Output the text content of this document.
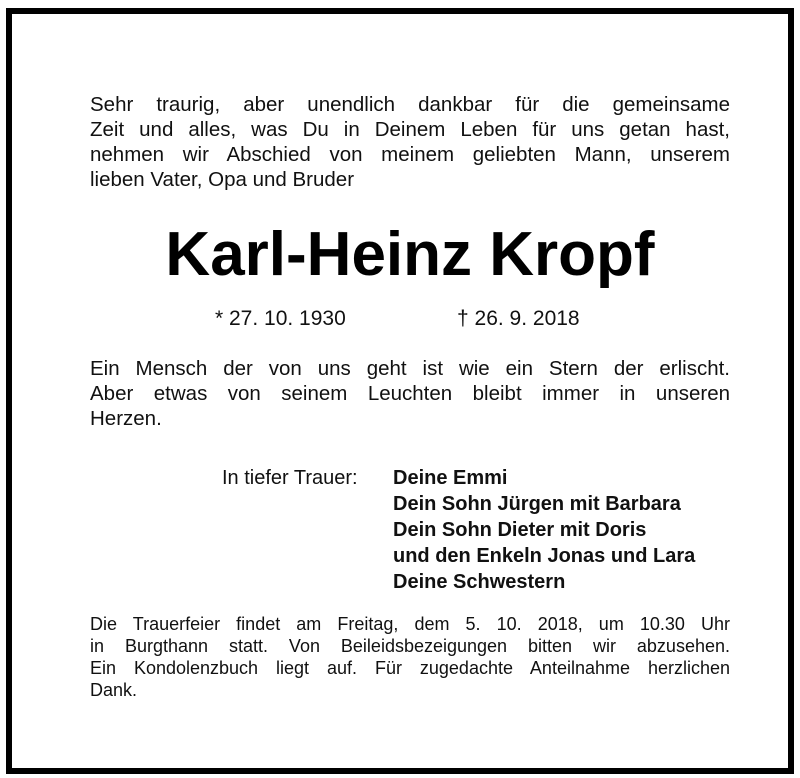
Sehr traurig, aber unendlich dankbar für die gemeinsame
Zeit und alles, was Du in Deinem Leben für uns getan hast,
nehmen wir Abschied von meinem geliebten Mann, unserem
lieben Vater, Opa und Bruder

Karl-Heinz Kropf
* 27. 10. 1930	† 26. 9. 2018

Ein Mensch der von uns geht ist wie ein Stern der erlischt.
Aber etwas von seinem Leuchten bleibt immer in unseren
Herzen.

In tiefer Trauer: Deine Emmi
Dein Sohn Jürgen mit Barbara
Dein Sohn Dieter mit Doris
und den Enkeln Jonas und Lara
Deine Schwestern

Die Trauerfeier findet am Freitag, dem 5. 10. 2018, um 10.30 Uhr
in Burgthann statt. Von Beileidsbezeigungen bitten wir abzusehen.
Ein Kondolenzbuch liegt auf. Für zugedachte Anteilnahme herzlichen
Dank.
